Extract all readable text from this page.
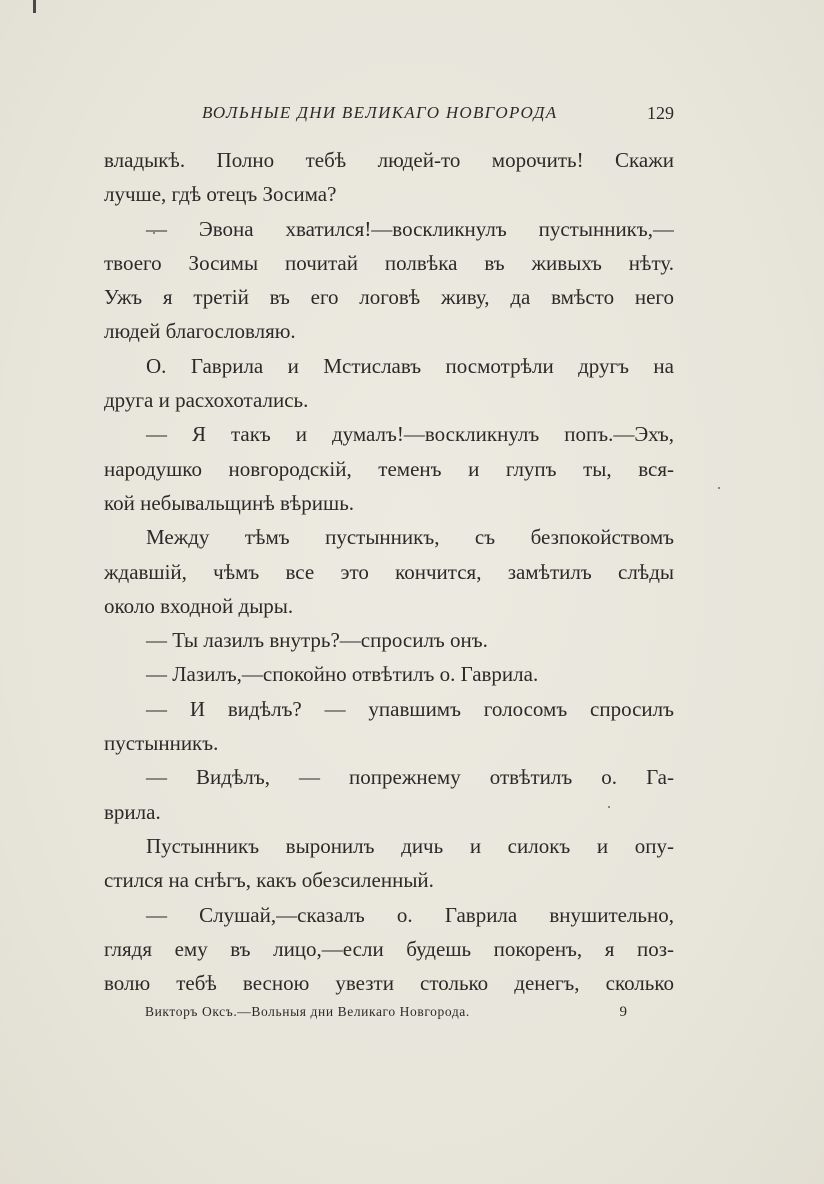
ВОЛЬНЫЕ ДНИ ВЕЛИКАГО НОВГОРОДА	129
владыкѣ. Полно тебѣ людей-то морочить! Скажи
лучше, гдѣ отецъ Зосима?
— Эвона хватился!—воскликнулъ пустынникъ,—
твоего Зосимы почитай полвѣка въ живыхъ нѣту.
Ужъ я третій въ его логовѣ живу, да вмѣсто него
людей благословляю.
О. Гаврила и Мстиславъ посмотрѣли другъ на
друга и расхохотались.
— Я такъ и думалъ!—воскликнулъ попъ.—Эхъ,
народушко новгородскій, теменъ и глупъ ты, вся-
кой небывальщинѣ вѣришь.
Между тѣмъ пустынникъ, съ безпокойствомъ
ждавшій, чѣмъ все это кончится, замѣтилъ слѣды
около входной дыры.
— Ты лазилъ внутрь?—спросилъ онъ.
— Лазилъ,—спокойно отвѣтилъ о. Гаврила.
— И видѣлъ? — упавшимъ голосомъ спросилъ
пустынникъ.
— Видѣлъ, — попрежнему отвѣтилъ о. Га-
врила.
Пустынникъ выронилъ дичь и силокъ и опу-
стился на снѣгъ, какъ обезсиленный.
— Слушай,—сказалъ о. Гаврила внушительно,
глядя ему въ лицо,—если будешь покоренъ, я поз-
волю тебѣ весною увезти столько денегъ, сколько
Викторъ Оксъ.—Вольныя дни Великаго Новгорода.	9
